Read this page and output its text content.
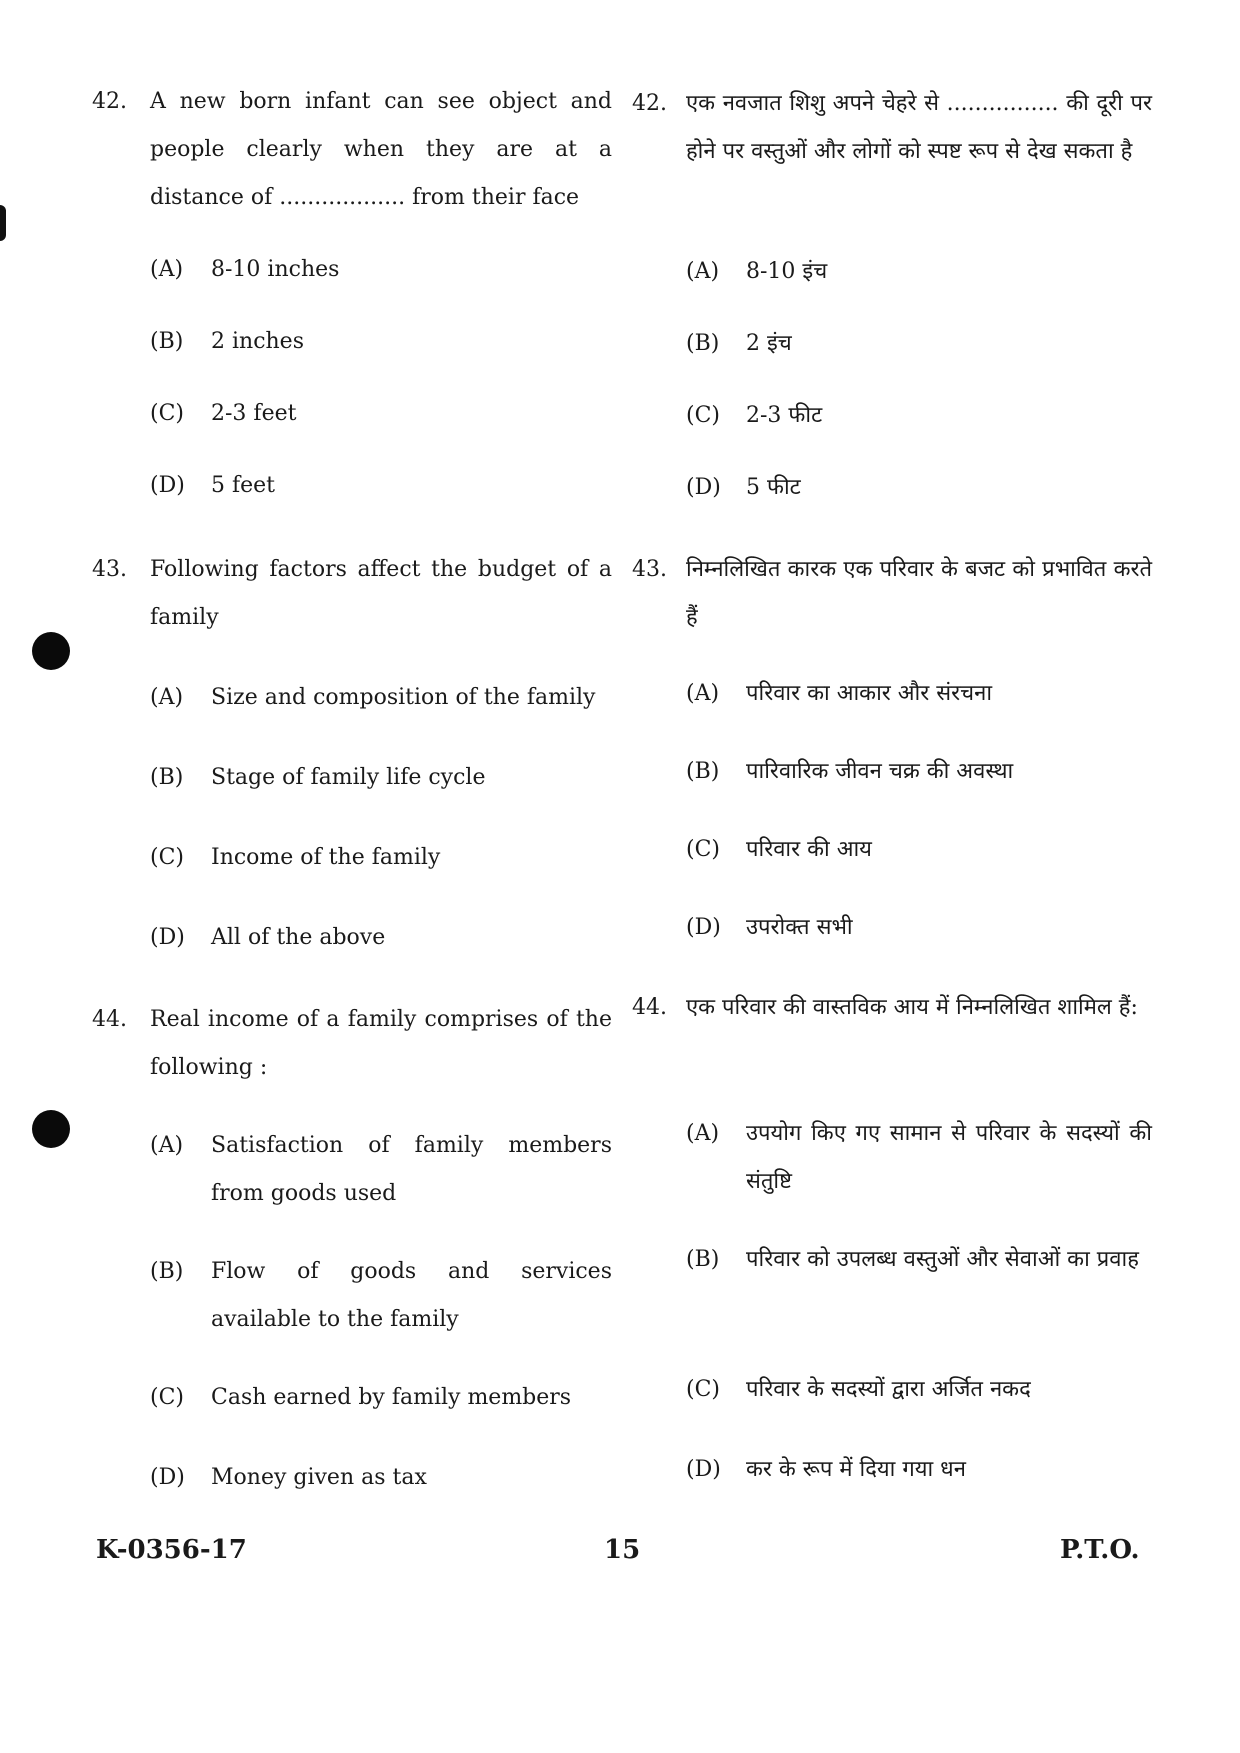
42. A new born infant can see object and people clearly when they are at a distance of .................. from their face
(A) 8-10 inches
(B) 2 inches
(C) 2-3 feet
(D) 5 feet
43. Following factors affect the budget of a family
(A) Size and composition of the family
(B) Stage of family life cycle
(C) Income of the family
(D) All of the above
44. Real income of a family comprises of the following :
(A) Satisfaction of family members from goods used
(B) Flow of goods and services available to the family
(C) Cash earned by family members
(D) Money given as tax
42. एक नवजात शिशु अपने चेहरे से ................ की दूरी पर होने पर वस्तुओं और लोगों को स्पष्ट रूप से देख सकता है
(A) 8-10 इंच
(B) 2 इंच
(C) 2-3 फीट
(D) 5 फीट
43. निम्नलिखित कारक एक परिवार के बजट को प्रभावित करते हैं
(A) परिवार का आकार और संरचना
(B) पारिवारिक जीवन चक्र की अवस्था
(C) परिवार की आय
(D) उपरोक्त सभी
44. एक परिवार की वास्तविक आय में निम्नलिखित शामिल हैं:
(A) उपयोग किए गए सामान से परिवार के सदस्यों की संतुष्टि
(B) परिवार को उपलब्ध वस्तुओं और सेवाओं का प्रवाह
(C) परिवार के सदस्यों द्वारा अर्जित नकद
(D) कर के रूप में दिया गया धन
K-0356-17	15	P.T.O.
